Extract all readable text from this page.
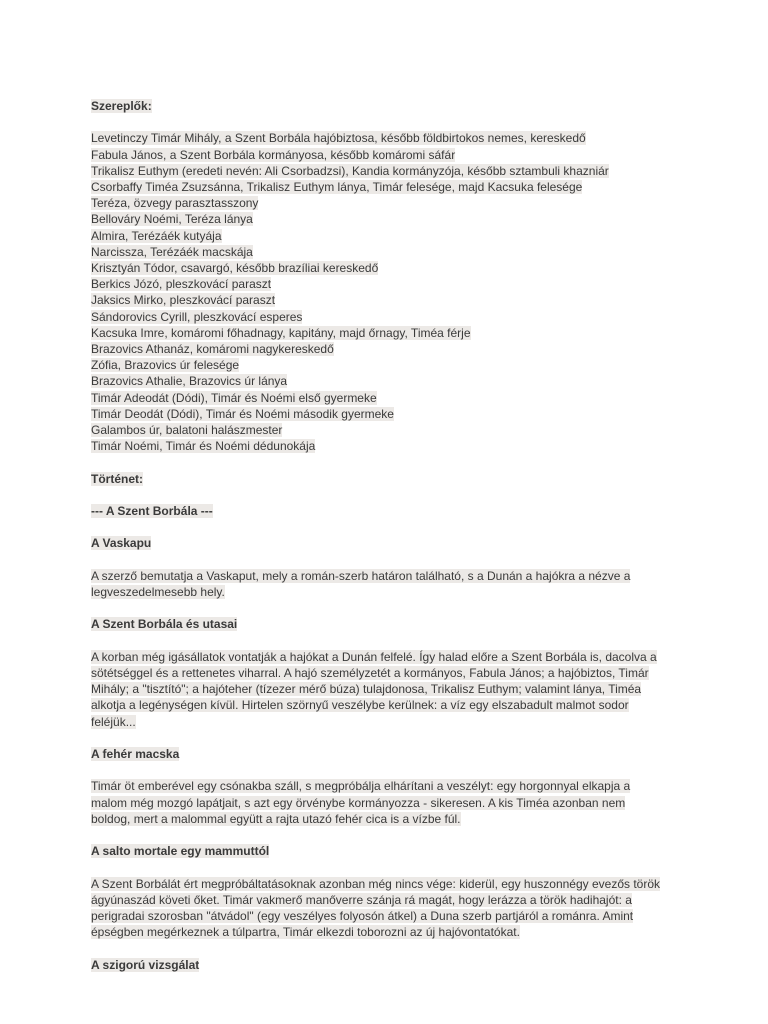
Szereplők:

Levetinczy Timár Mihály, a Szent Borbála hajóbiztosa, később földbirtokos nemes, kereskedő
Fabula János, a Szent Borbála kormányosa, később komáromi sáfár
Trikalisz Euthym (eredeti nevén: Ali Csorbadzsi), Kandia kormányzója, később sztambuli khazniár
Csorbaffy Timéa Zsuzsánna, Trikalisz Euthym lánya, Timár felesége, majd Kacsuka felesége
Teréza, özvegy parasztasszony
Bellováry Noémi, Teréza lánya
Almira, Terézáék kutyája
Narcissza, Terézáék macskája
Krisztyán Tódor, csavargó, később brazíliai kereskedő
Berkics Józó, pleszkovácí paraszt
Jaksics Mirko, pleszkovácí paraszt
Sándorovics Cyrill, pleszkovácí esperes
Kacsuka Imre, komáromi főhadnagy, kapitány, majd őrnagy, Timéa férje
Brazovics Athanáz, komáromi nagykereskedő
Zófia, Brazovics úr felesége
Brazovics Athalie, Brazovics úr lánya
Timár Adeodát (Dódi), Timár és Noémi első gyermeke
Timár Deodát (Dódi), Timár és Noémi második gyermeke
Galambos úr, balatoni halászmester
Timár Noémi, Timár és Noémi dédunokája

Történet:

--- A Szent Borbála ---

A Vaskapu

A szerző bemutatja a Vaskaput, mely a román-szerb határon található, s a Dunán a hajókra a nézve a
legveszedelmesebb hely.

A Szent Borbála és utasai

A korban még igásállatok vontatják a hajókat a Dunán felfelé. Így halad előre a Szent Borbála is, dacolva a
sötétséggel és a rettenetes viharral. A hajó személyzetét a kormányos, Fabula János; a hajóbiztos, Timár
Mihály; a "tisztító"; a hajóteher (tízezer mérő búza) tulajdonosa, Trikalisz Euthym; valamint lánya, Timéa
alkotja a legénységen kívül. Hirtelen szörnyű veszélybe kerülnek: a víz egy elszabadult malmot sodor
feléjük...

A fehér macska

Timár öt emberével egy csónakba száll, s megpróbálja elhárítani a veszélyt: egy horgonnyal elkapja a
malom még mozgó lapátjait, s azt egy örvénybe kormányozza - sikeresen. A kis Timéa azonban nem
boldog, mert a malommal együtt a rajta utazó fehér cica is a vízbe fúl.

A salto mortale egy mammuttól

A Szent Borbálát ért megpróbáltatásoknak azonban még nincs vége: kiderül, egy huszonnégy evezős török
ágyúnaszád követi őket. Timár vakmerő manőverre szánja rá magát, hogy lerázza a török hadihajót: a
perigradai szorosban "átvádol" (egy veszélyes folyosón átkel) a Duna szerb partjáról a románra. Amint
épségben megérkeznek a túlpartra, Timár elkezdi toborozni az új hajóvontatókat.

A szigorú vizsgálat
